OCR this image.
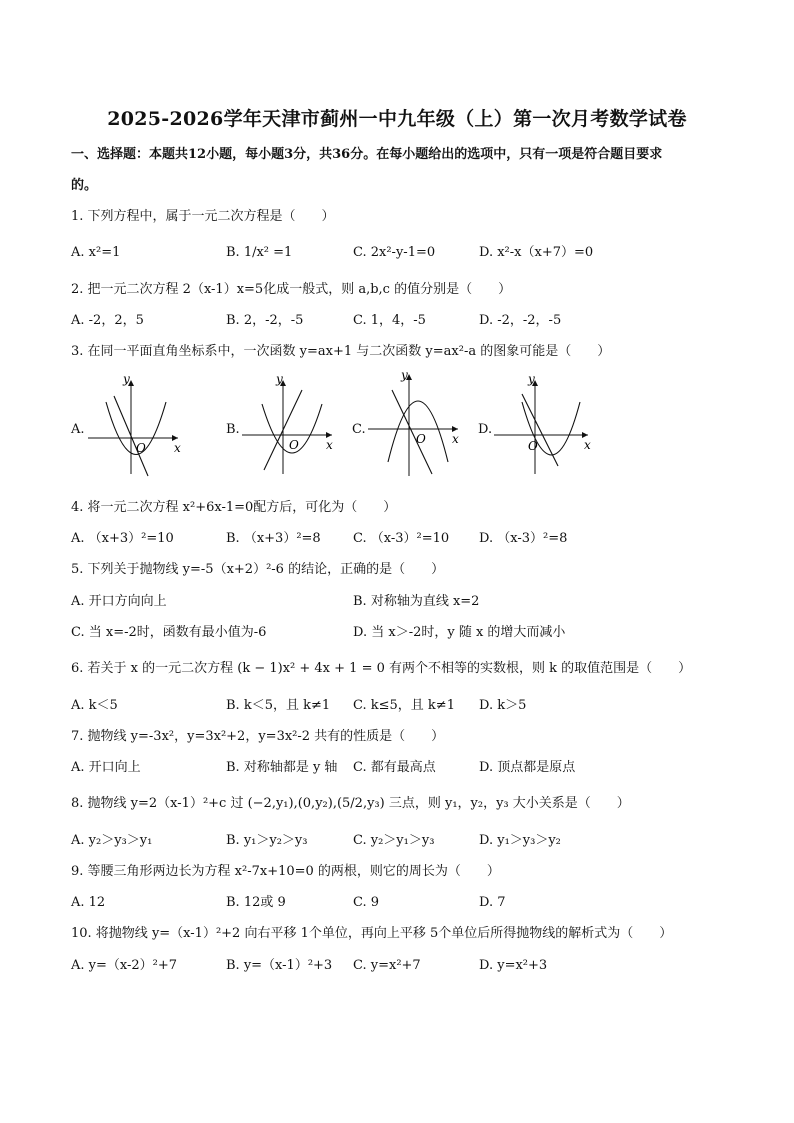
2025-2026学年天津市蓟州一中九年级（上）第一次月考数学试卷
一、选择题：本题共12小题，每小题3分，共36分。在每小题给出的选项中，只有一项是符合题目要求
的。
1. 下列方程中，属于一元二次方程是（　　）
A. x²=1	B. 1/x² =1	C. 2x²-y-1=0	D. x²-x（x+7）=0
2. 把一元二次方程 2（x-1）x=5化成一般式，则 a,b,c 的值分别是（　　）
A. -2，2，5	B. 2，-2，-5	C. 1，4，-5	D. -2，-2，-5
3. 在同一平面直角坐标系中，一次函数 y=ax+1 与二次函数 y=ax²-a 的图象可能是（　　）
A.
y
O x
B.
y
O x
C.
y
O x
D.
y
O	x
4. 将一元二次方程 x²+6x-1=0配方后，可化为（　　）
A. （x+3）²=10	B. （x+3）²=8 C. （x-3）²=10 D. （x-3）²=8
5. 下列关于抛物线 y=-5（x+2）²-6 的结论，正确的是（　　）
A. 开口方向向上	B. 对称轴为直线 x=2
C. 当 x=-2时，函数有最小值为-6	D. 当 x＞-2时，y 随 x 的增大而减小
6. 若关于 x 的一元二次方程 (k − 1)x² + 4x + 1 = 0 有两个不相等的实数根，则 k 的取值范围是（　　）
A. k＜5	B. k＜5，且 k≠1 C. k≤5，且 k≠1 D. k＞5
7. 抛物线 y=-3x²，y=3x²+2，y=3x²-2 共有的性质是（　　）
A. 开口向上	B. 对称轴都是 y 轴 C. 都有最高点	D. 顶点都是原点
8. 抛物线 y=2（x-1）²+c 过 (−2,y₁),(0,y₂),(5/2,y₃) 三点，则 y₁，y₂，y₃ 大小关系是（　　）
A. y₂＞y₃＞y₁	B. y₁＞y₂＞y₃	C. y₂＞y₁＞y₃	D. y₁＞y₃＞y₂
9. 等腰三角形两边长为方程 x²-7x+10=0 的两根，则它的周长为（　　）
A. 12	B. 12或 9	C. 9	D. 7
10. 将抛物线 y=（x-1）²+2 向右平移 1个单位，再向上平移 5个单位后所得抛物线的解析式为（　　）
A. y=（x-2）²+7	B. y=（x-1）²+3 C. y=x²+7	D. y=x²+3
